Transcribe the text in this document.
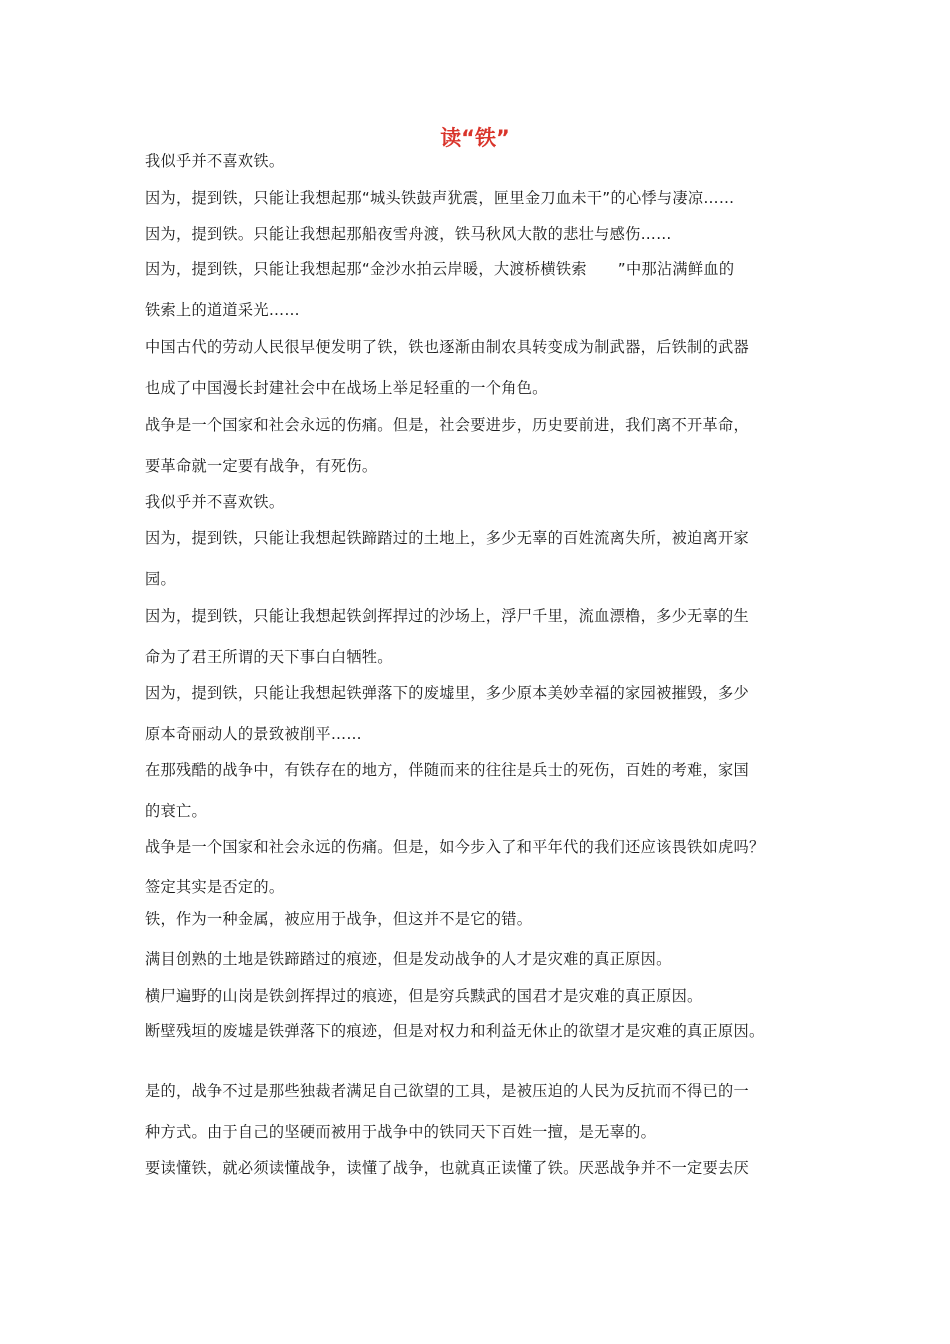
读“铁”

我似乎并不喜欢铁。

因为，提到铁，只能让我想起那“城头铁鼓声犹震，匣里金刀血未干”的心悸与凄凉……

因为，提到铁。只能让我想起那船夜雪舟渡，铁马秋风大散的悲壮与感伤……

因为，提到铁，只能让我想起那“金沙水拍云岸暖，大渡桥横铁索　　”中那沾满鲜血的

铁索上的道道采光……

中国古代的劳动人民很早便发明了铁，铁也逐渐由制农具转变成为制武器，后铁制的武器

也成了中国漫长封建社会中在战场上举足轻重的一个角色。

战争是一个国家和社会永远的伤痛。但是，社会要进步，历史要前进，我们离不开革命，

要革命就一定要有战争，有死伤。

我似乎并不喜欢铁。

因为，提到铁，只能让我想起铁蹄踏过的土地上，多少无辜的百姓流离失所，被迫离开家

园。

因为，提到铁，只能让我想起铁剑挥捍过的沙场上，浮尸千里，流血漂橹，多少无辜的生

命为了君王所谓的天下事白白牺牲。

因为，提到铁，只能让我想起铁弹落下的废墟里，多少原本美妙幸福的家园被摧毁，多少

原本奇丽动人的景致被削平……

在那残酷的战争中，有铁存在的地方，伴随而来的往往是兵士的死伤，百姓的考难，家国

的衰亡。

战争是一个国家和社会永远的伤痛。但是，如今步入了和平年代的我们还应该畏铁如虎吗？

签定其实是否定的。

铁，作为一种金属，被应用于战争，但这并不是它的错。

满目创熟的土地是铁蹄踏过的痕迹，但是发动战争的人才是灾难的真正原因。

横尸遍野的山岗是铁剑挥捍过的痕迹，但是穷兵黩武的国君才是灾难的真正原因。

断壁残垣的废墟是铁弹落下的痕迹，但是对权力和利益无休止的欲望才是灾难的真正原因。

是的，战争不过是那些独裁者满足自己欲望的工具，是被压迫的人民为反抗而不得已的一

种方式。由于自己的坚硬而被用于战争中的铁同天下百姓一擅，是无辜的。

要读懂铁，就必须读懂战争，读懂了战争，也就真正读懂了铁。厌恶战争并不一定要去厌
